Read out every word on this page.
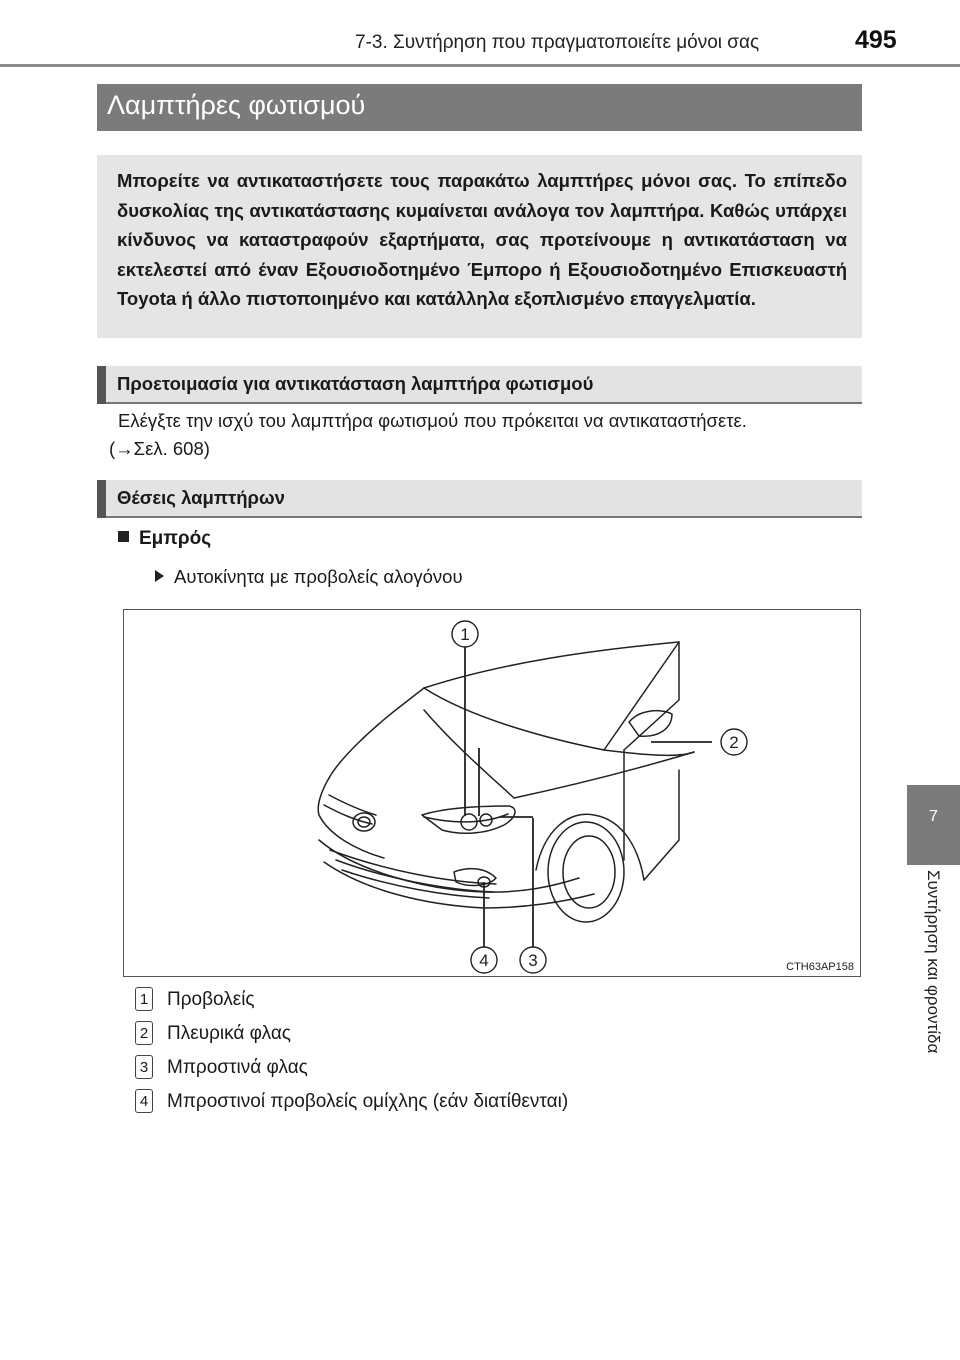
7-3. Συντήρηση που πραγματοποιείτε μόνοι σας	495
Λαμπτήρες φωτισμού
Μπορείτε να αντικαταστήσετε τους παρακάτω λαμπτήρες μόνοι σας. Το επίπεδο δυσκολίας της αντικατάστασης κυμαίνεται ανάλογα τον λαμπτήρα. Καθώς υπάρχει κίνδυνος να καταστραφούν εξαρτήματα, σας προτείνουμε η αντικατάσταση να εκτελεστεί από έναν Εξουσιοδοτημένο Έμπορο ή Εξουσιοδοτημένο Επισκευαστή Toyota ή άλλο πιστοποιημένο και κατάλληλα εξοπλισμένο επαγγελματία.
Προετοιμασία για αντικατάσταση λαμπτήρα φωτισμού
Ελέγξτε την ισχύ του λαμπτήρα φωτισμού που πρόκειται να αντικαταστήσετε.
(→Σελ. 608)
Θέσεις λαμπτήρων
Εμπρός
Αυτοκίνητα με προβολείς αλογόνου
1
2
3
4	CTH63AP158
1 Προβολείς
2 Πλευρικά φλας
3 Μπροστινά φλας
4 Μπροστινοί προβολείς ομίχλης (εάν διατίθενται)
7
Συντήρηση και φροντίδα
